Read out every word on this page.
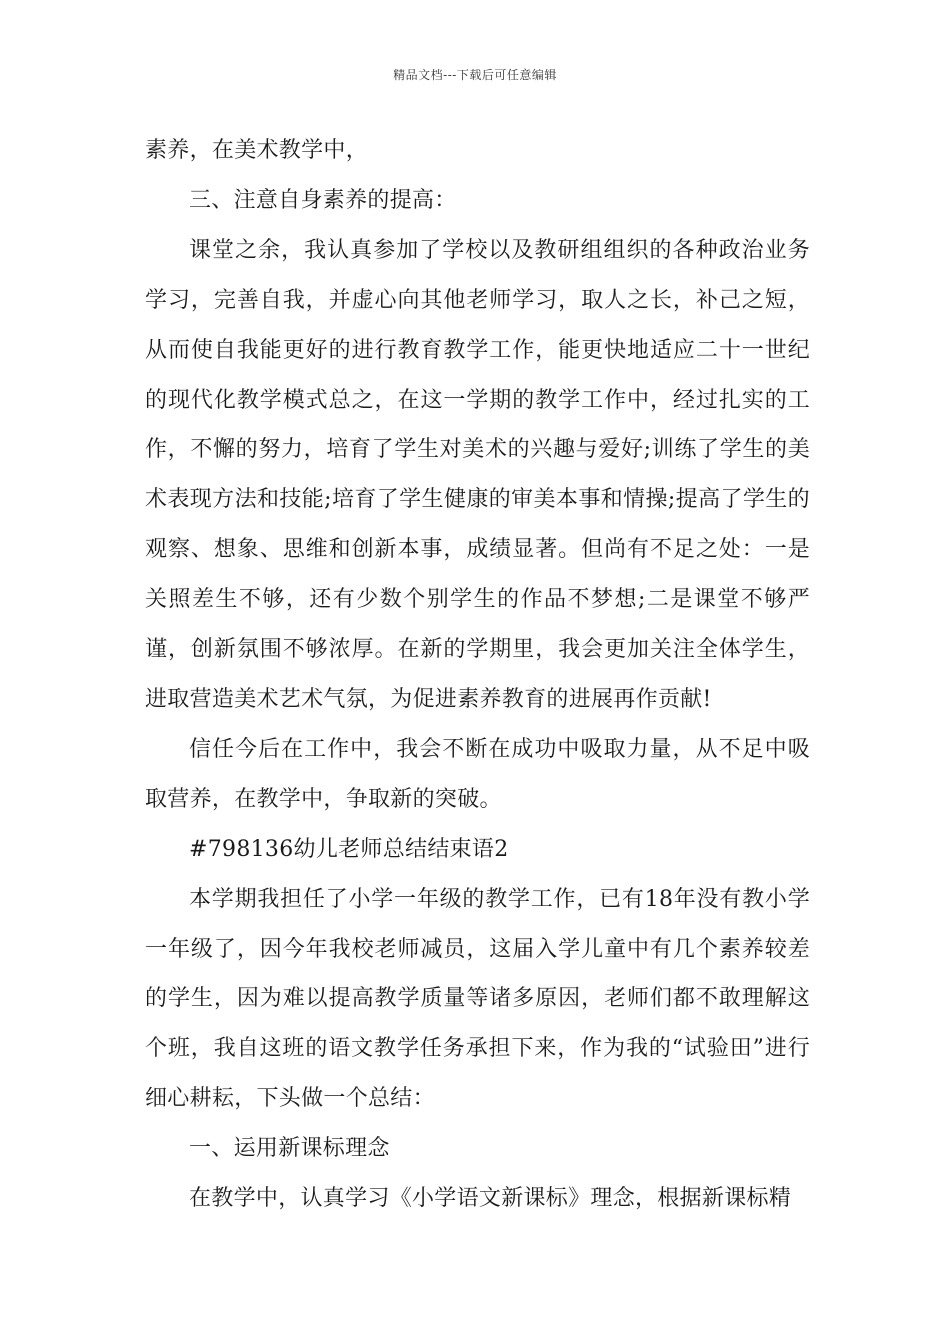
精品文档---下载后可任意编辑

素养，在美术教学中，

三、注意自身素养的提高：

课堂之余，我认真参加了学校以及教研组组织的各种政治业务学习，完善自我，并虚心向其他老师学习，取人之长，补己之短，从而使自我能更好的进行教育教学工作，能更快地适应二十一世纪的现代化教学模式总之，在这一学期的教学工作中，经过扎实的工作，不懈的努力，培育了学生对美术的兴趣与爱好;训练了学生的美术表现方法和技能;培育了学生健康的审美本事和情操;提高了学生的观察、想象、思维和创新本事，成绩显著。但尚有不足之处：一是关照差生不够，还有少数个别学生的作品不梦想;二是课堂不够严谨，创新氛围不够浓厚。在新的学期里，我会更加关注全体学生，进取营造美术艺术气氛，为促进素养教育的进展再作贡献!

信任今后在工作中，我会不断在成功中吸取力量，从不足中吸取营养，在教学中，争取新的突破。

#798136幼儿老师总结结束语2

本学期我担任了小学一年级的教学工作，已有18年没有教小学一年级了，因今年我校老师减员，这届入学儿童中有几个素养较差的学生，因为难以提高教学质量等诸多原因，老师们都不敢理解这个班，我自这班的语文教学任务承担下来，作为我的“试验田”进行细心耕耘，下头做一个总结：

一、运用新课标理念

在教学中，认真学习《小学语文新课标》理念，根据新课标精
